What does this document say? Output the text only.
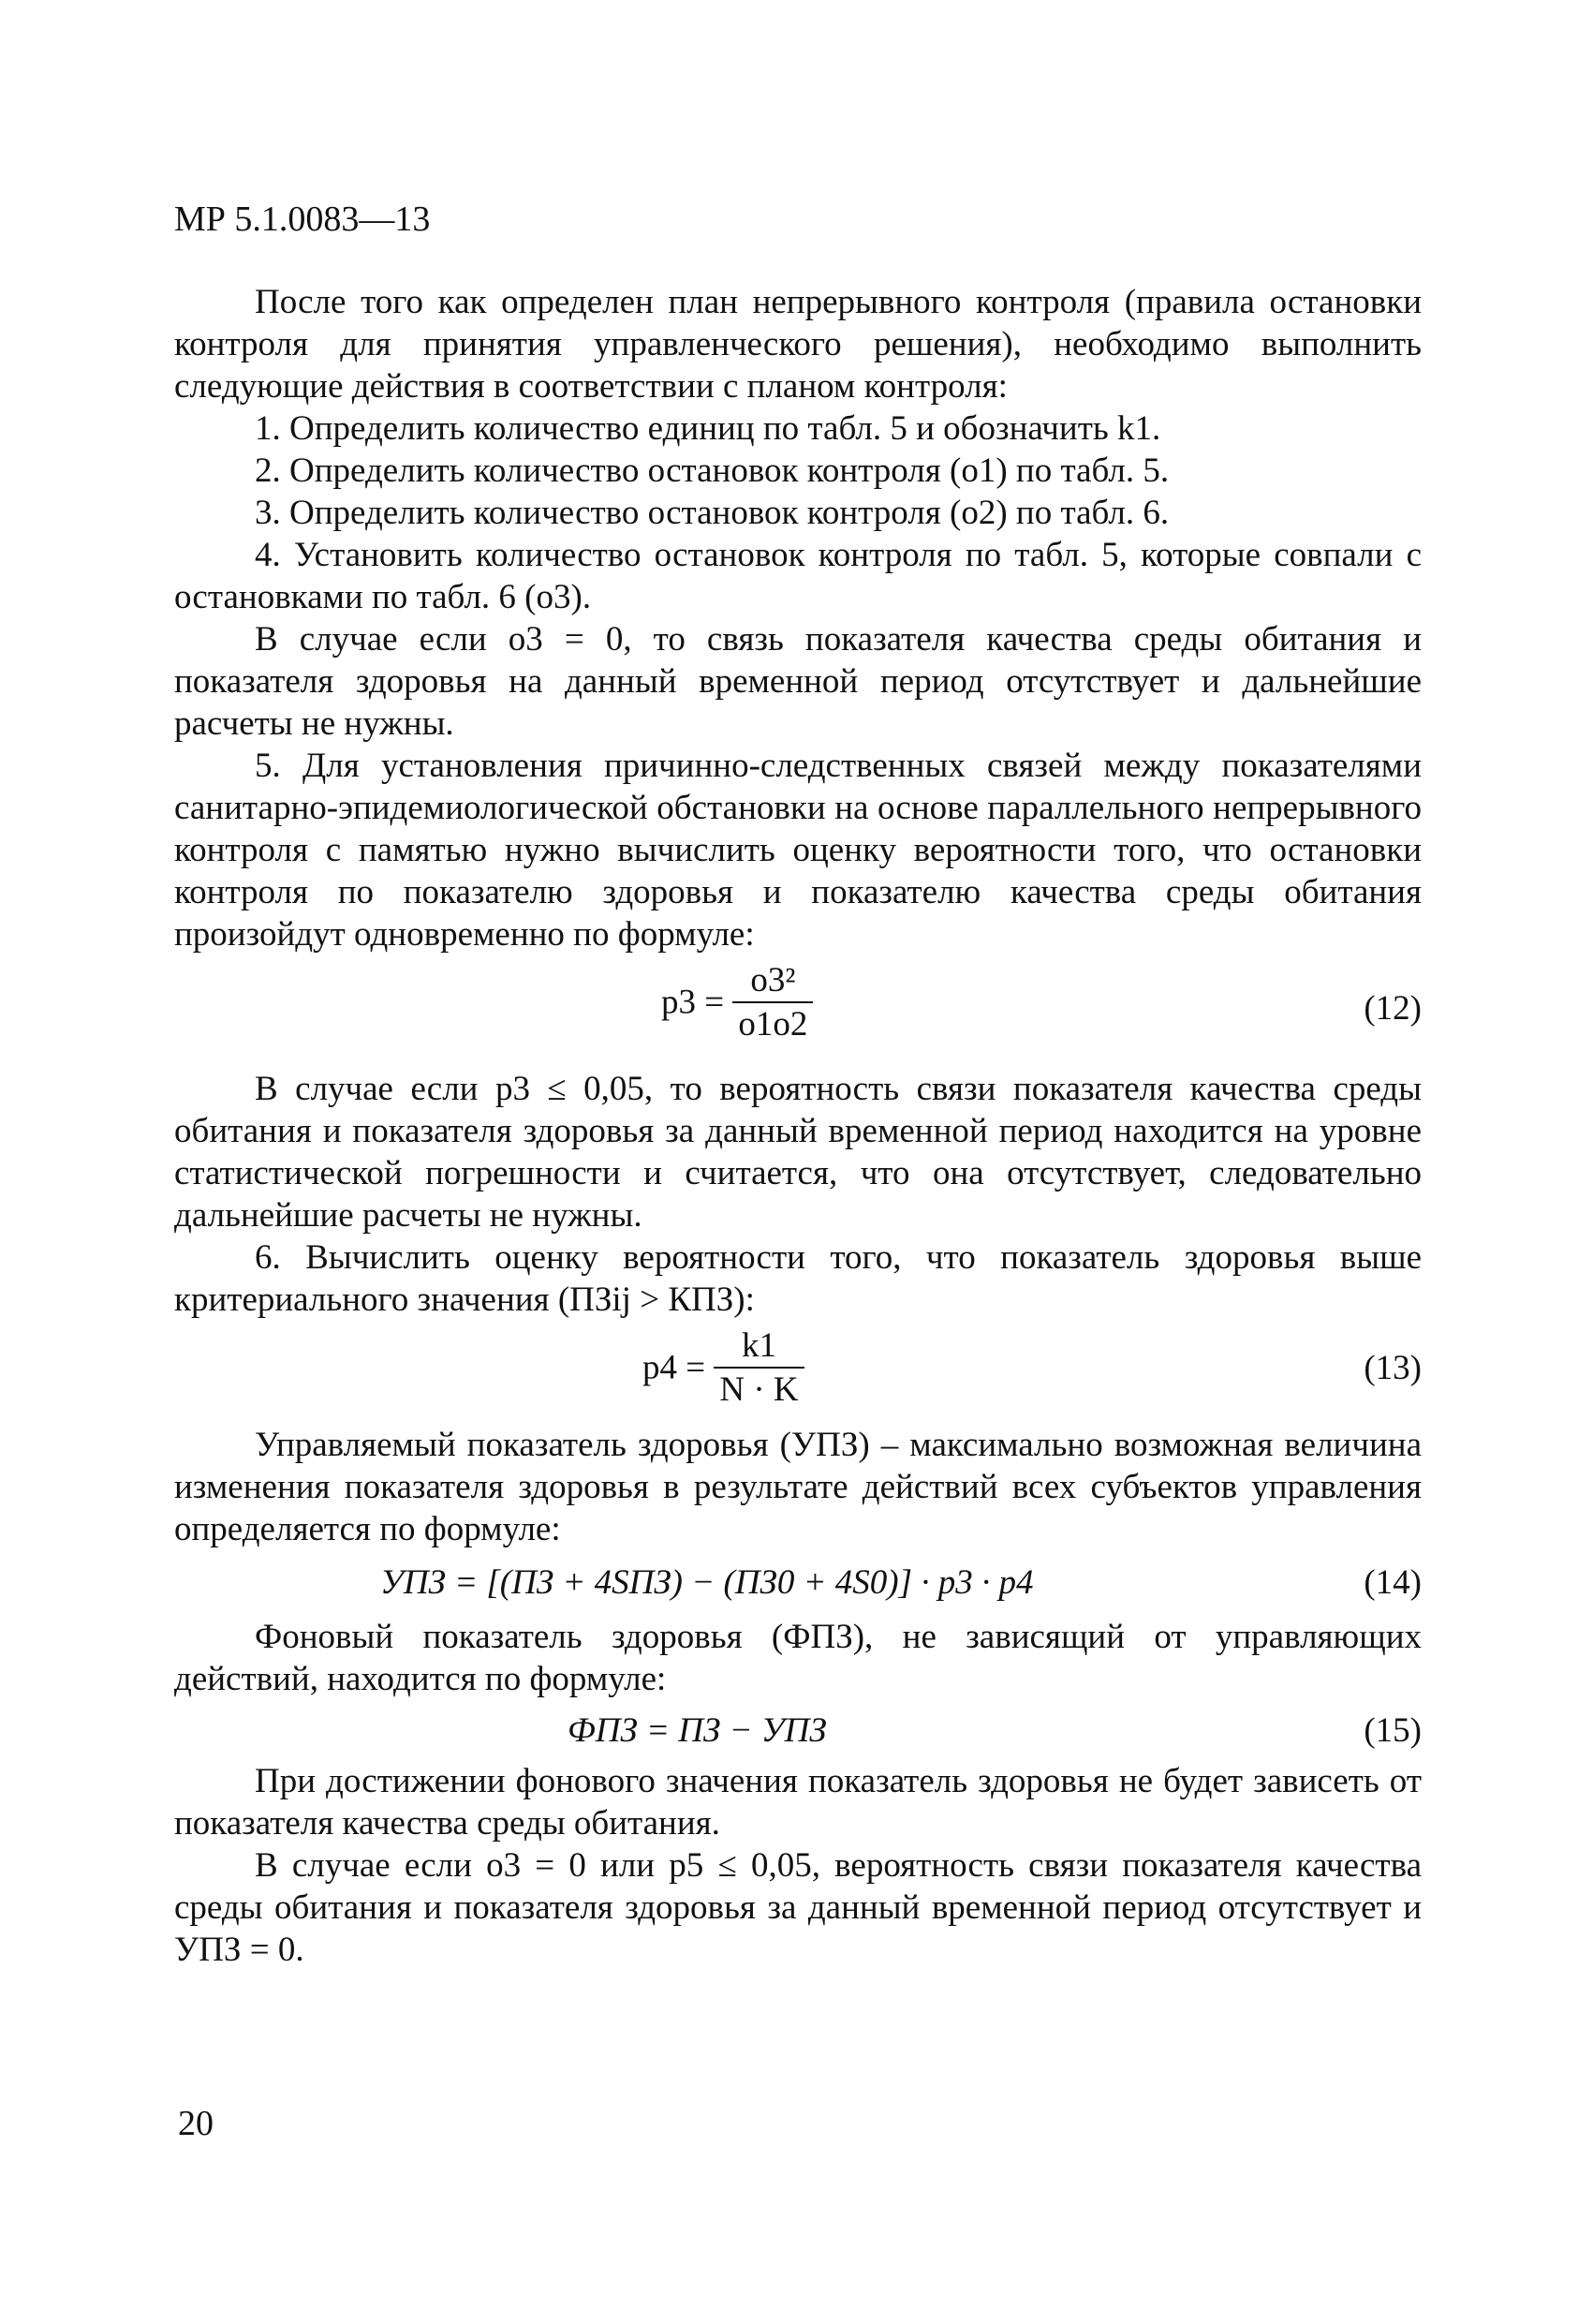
МР 5.1.0083—13

После того как определен план непрерывного контроля (правила остановки контроля для принятия управленческого решения), необходимо выполнить следующие действия в соответствии с планом контроля:

1. Определить количество единиц по табл. 5 и обозначить k1.

2. Определить количество остановок контроля (o1) по табл. 5.

3. Определить количество остановок контроля (o2) по табл. 6.

4. Установить количество остановок контроля по табл. 5, которые совпали с остановками по табл. 6 (o3).

В случае если o3 = 0, то связь показателя качества среды обитания и показателя здоровья на данный временной период отсутствует и дальнейшие расчеты не нужны.

5. Для установления причинно-следственных связей между показателями санитарно-эпидемиологической обстановки на основе параллельного непрерывного контроля с памятью нужно вычислить оценку вероятности того, что остановки контроля по показателю здоровья и показателю качества среды обитания произойдут одновременно по формуле:

$p3 = \frac{\text{o3²}}{o1o2}$	(12)

В случае если p3 ≤ 0,05, то вероятность связи показателя качества среды обитания и показателя здоровья за данный временной период находится на уровне статистической погрешности и считается, что она отсутствует, следовательно дальнейшие расчеты не нужны.

6. Вычислить оценку вероятности того, что показатель здоровья выше критериального значения (ПЗij > КПЗ):

$p4 = \frac{k1}{N \cdot K}$	(13)

Управляемый показатель здоровья (УПЗ) – максимально возможная величина изменения показателя здоровья в результате действий всех субъектов управления определяется по формуле:

УПЗ = [(ПЗ + 4SПЗ) − (ПЗ0 + 4S0)] · p3 · p4	(14)

Фоновый показатель здоровья (ФПЗ), не зависящий от управляющих действий, находится по формуле:

ФПЗ = ПЗ − УПЗ	(15)

При достижении фонового значения показатель здоровья не будет зависеть от показателя качества среды обитания.

В случае если o3 = 0 или p5 ≤ 0,05, вероятность связи показателя качества среды обитания и показателя здоровья за данный временной период отсутствует и УПЗ = 0.

20
